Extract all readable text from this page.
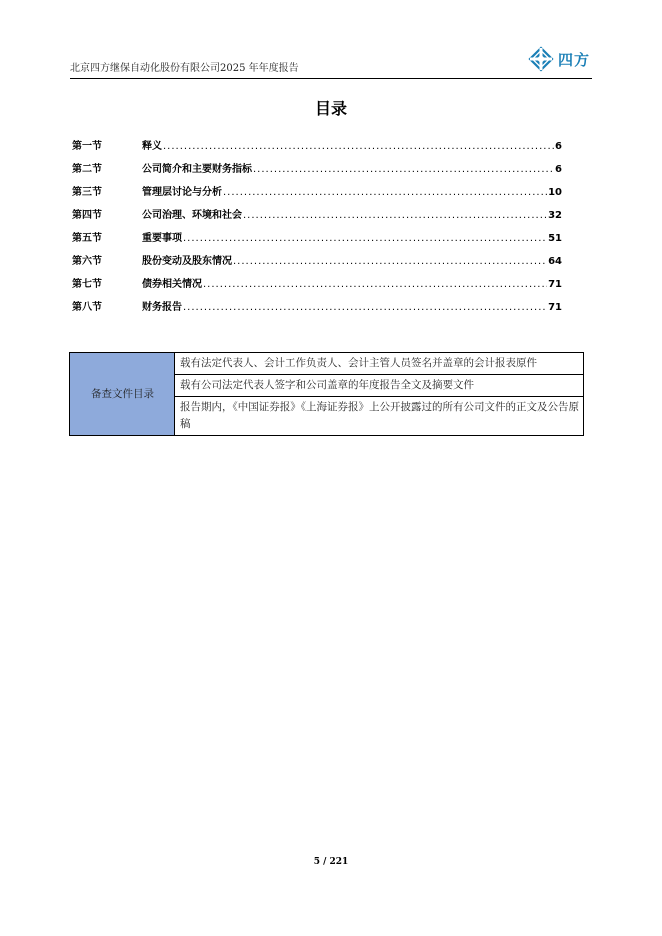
北京四方继保自动化股份有限公司2025 年年度报告	四方
目录
第一节	释义 .....	6
第二节	公司简介和主要财务指标 .....	6
第三节	管理层讨论与分析 .....	10
第四节	公司治理、环境和社会 .....	32
第五节	重要事项 .....	51
第六节	股份变动及股东情况 .....	64
第七节	债券相关情况 .....	71
第八节	财务报告 .....	71
备查文件目录	载有法定代表人、会计工作负责人、会计主管人员签名并盖章的会计报表原件
载有公司法定代表人签字和公司盖章的年度报告全文及摘要文件
报告期内，《中国证券报》《上海证券报》上公开披露过的所有公司文件的正文及公告原稿
5 / 221
